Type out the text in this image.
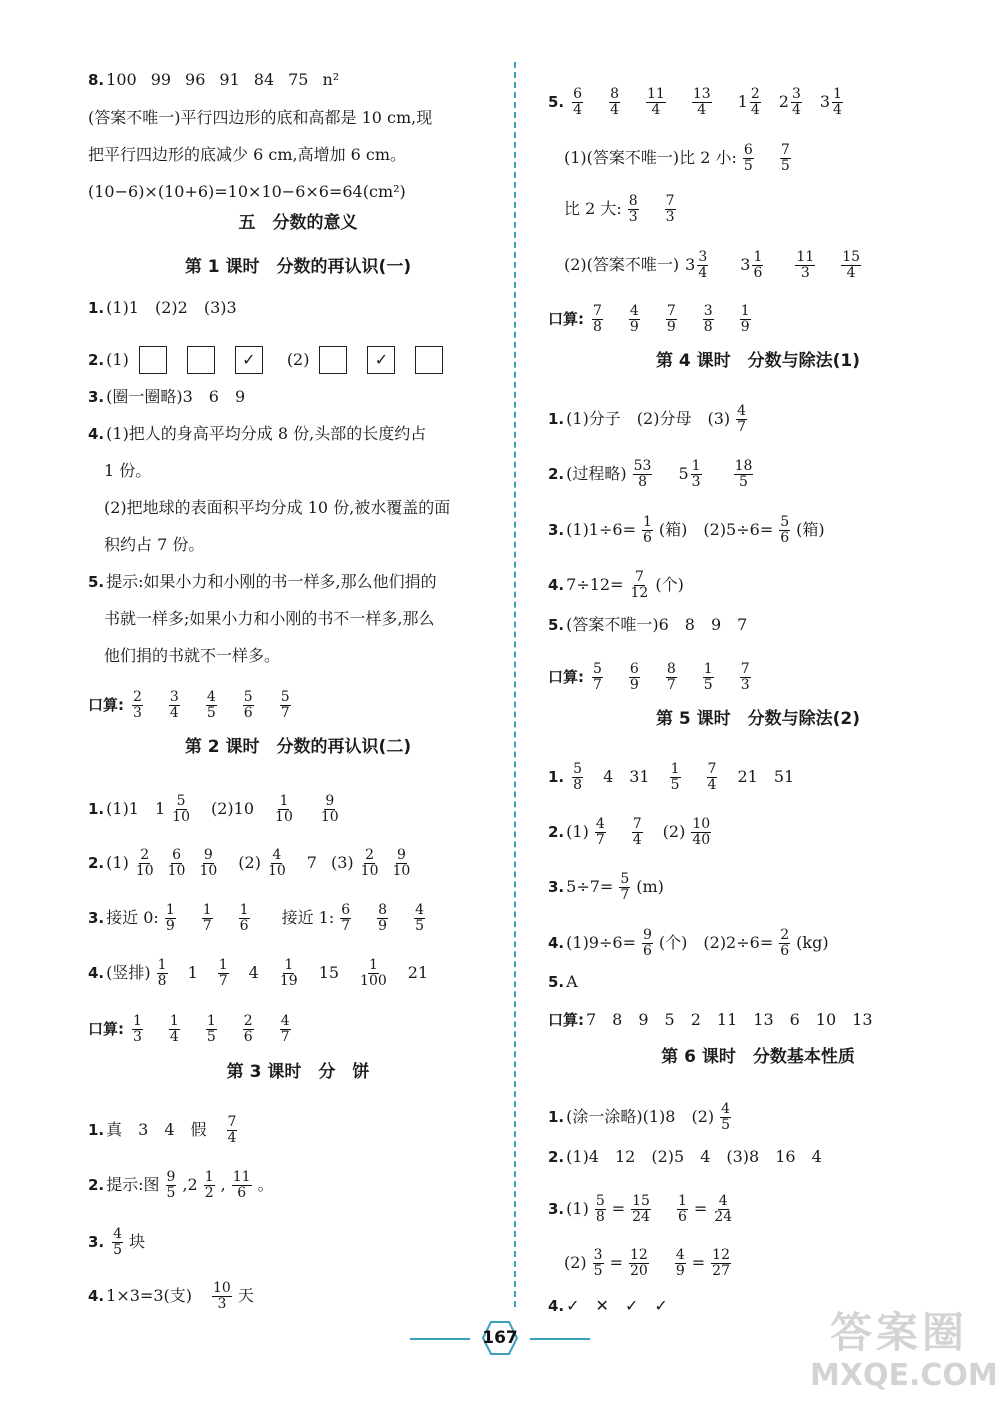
8. 100 99 96 91 84 75 n²
(答案不唯一)平行四边形的底和高都是 10 cm,现
把平行四边形的底减少 6 cm,高增加 6 cm。
(10−6)×(10+6)=10×10−6×6=64(cm²)
五　分数的意义
第 1 课时　分数的再认识(一)
1. (1)1　(2)2　(3)3
2. (1)	✓	(2)	✓
3. (圈一圈略)3　6　9
4. (1)把人的身高平均分成 8 份,头部的长度约占
1 份。
(2)把地球的表面积平均分成 10 份,被水覆盖的面
积约占 7 份。
5. 提示:如果小力和小刚的书一样多,那么他们捐的
书就一样多;如果小力和小刚的书不一样多,那么
他们捐的书就不一样多。
口算: $\frac{2}{3} \frac{3}{4} \frac{4}{5} \frac{5}{6} \frac{5}{7}$
第 2 课时　分数的再认识(二)
1. (1)1　$1 \frac{5}{10} (2)10 \frac{1}{10} \frac{9}{10}$
2. $(1) \frac{2}{10} \frac{6}{10} \frac{9}{10} (2) \frac{4}{10} 7$ $(3) \frac{2}{10} \frac{9}{10}$
3. 接近 0: $\frac{1}{9} \frac{1}{7} \frac{1}{6}$ 接近 1: $\frac{6}{7} \frac{8}{9} \frac{4}{5}$
4. (竖排) $\frac{1}{8} 1 \frac{1}{7} 4 \frac{1}{19} 15 \frac{1}{100} 21$
口算: $\frac{1}{3} \frac{1}{4} \frac{1}{5} \frac{2}{6} \frac{4}{7}$
第 3 课时　分　饼
1. 真　3　4　假 $\frac{7}{4}$
2. 提示:图 $\frac{9}{5} ,2 \frac{1}{2}$ , $\frac{11}{6}$ 。
3. $\frac{4}{5}$ 块
4. 1×3=3(支) $\frac{10}{3}$ 天
5. $\frac{6}{4} \frac{8}{4} \frac{11}{4} \frac{13}{4} 1 \frac{2}{4} 2 \frac{3}{4} 3 \frac{1}{4}$
(1)(答案不唯一)比 2 小: $\frac{6}{5} \frac{7}{5}$
比 2 大: $\frac{8}{3} \frac{7}{3}$
(2)(答案不唯一) $3 \frac{3}{4} 3 \frac{1}{6} \frac{11}{3} \frac{15}{4}$
口算: $\frac{7}{8} \frac{4}{9} \frac{7}{9} \frac{3}{8} \frac{1}{9}$
第 4 课时　分数与除法(1)
1. (1)分子　(2)分母　$(3) \frac{4}{7}$
2. (过程略) $\frac{53}{8} 5 \frac{1}{3} \frac{18}{5}$
3. $(1)1\div 6= \frac{1}{6}$ (箱)　$(2)5\div 6= \frac{5}{6}$ (箱)
4. $7\div 12= \frac{7}{12}$ (个)
5. (答案不唯一)6　8　9　7
口算: $\frac{5}{7} \frac{6}{9} \frac{8}{7} \frac{1}{5} \frac{7}{3}$
第 5 课时　分数与除法(2)
1. $\frac{5}{8} 4$　$31 \frac{1}{5} \frac{7}{4} 21$　51
2. $(1) \frac{4}{7} \frac{7}{4} (2) \frac{10}{40}$
3. $5\div 7= \frac{5}{7} (m)$
4. $(1)9\div 6= \frac{9}{6}$ (个)　$(2)2\div 6= \frac{2}{6} (kg)$
5. A
口算: 7　8　9　5　2　11　13　6　10　13
第 6 课时　分数基本性质
1. (涂一涂略)(1)8　$(2) \frac{4}{5}$
2. (1)4　12　(2)5　4　(3)8　16　4
3. $(1) \frac{5}{8} = \frac{15}{24} \frac{1}{6} = \frac{4}{24}$
$(2) \frac{3}{5} = \frac{12}{20} \frac{4}{9} = \frac{12}{27}$
4. ✓　✕　✓　✓
167	答案圈
MXQE.COM
